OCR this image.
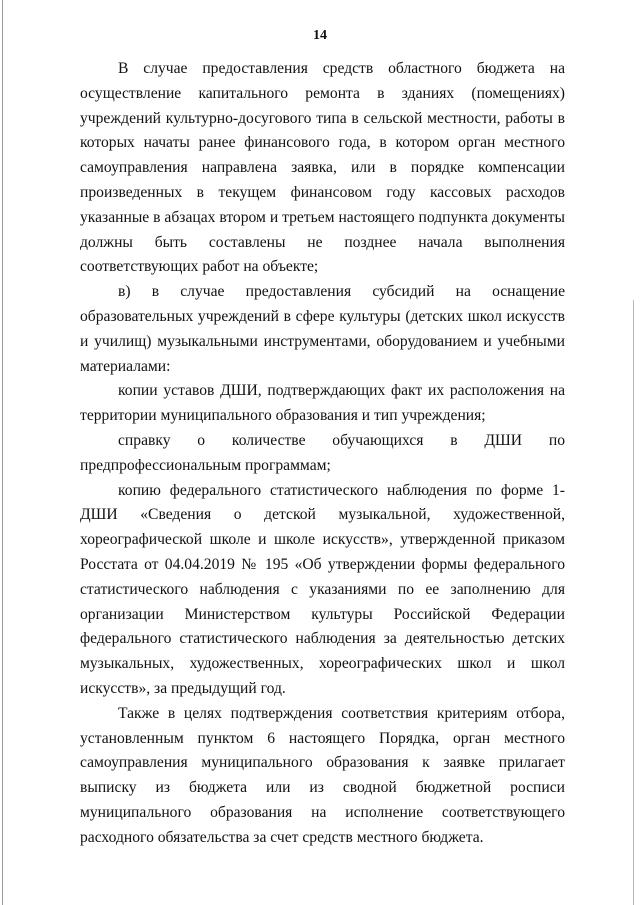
14

В случае предоставления средств областного бюджета на осуществление капитального ремонта в зданиях (помещениях) учреждений культурно-досугового типа в сельской местности, работы в которых начаты ранее финансового года, в котором орган местного самоуправления направлена заявка, или в порядке компенсации произведенных в текущем финансовом году кассовых расходов указанные в абзацах втором и третьем настоящего подпункта документы должны быть составлены не позднее начала выполнения соответствующих работ на объекте;

в) в случае предоставления субсидий на оснащение образовательных учреждений в сфере культуры (детских школ искусств и училищ) музыкальными инструментами, оборудованием и учебными материалами:

копии уставов ДШИ, подтверждающих факт их расположения на территории муниципального образования и тип учреждения;

справку о количестве обучающихся в ДШИ по предпрофессиональным программам;

копию федерального статистического наблюдения по форме 1-ДШИ «Сведения о детской музыкальной, художественной, хореографической школе и школе искусств», утвержденной приказом Росстата от 04.04.2019 № 195 «Об утверждении формы федерального статистического наблюдения с указаниями по ее заполнению для организации Министерством культуры Российской Федерации федерального статистического наблюдения за деятельностью детских музыкальных, художественных, хореографических школ и школ искусств», за предыдущий год.

Также в целях подтверждения соответствия критериям отбора, установленным пунктом 6 настоящего Порядка, орган местного самоуправления муниципального образования к заявке прилагает выписку из бюджета или из сводной бюджетной росписи муниципального образования на исполнение соответствующего расходного обязательства за счет средств местного бюджета.
